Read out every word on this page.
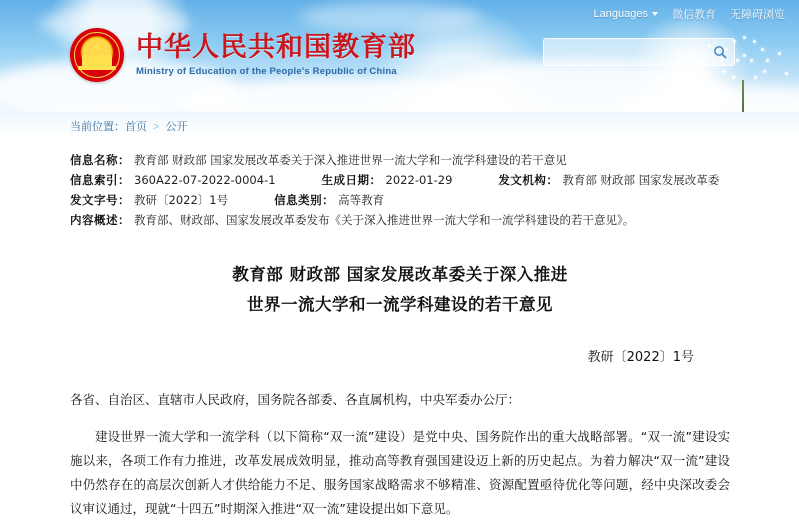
Languages	微信教育 无障碍浏览
★ 中华人民共和国教育部
Ministry of Education of the People's Republic of China
当前位置：首页 > 公开
信息名称： 教育部 财政部 国家发展改革委关于深入推进世界一流大学和一流学科建设的若干意见
信息索引： 360A22-07-2022-0004-1	生成日期： 2022-01-29	发文机构： 教育部 财政部 国家发展改革委
发文字号： 教研〔2022〕1号	信息类别： 高等教育
内容概述： 教育部、财政部、国家发展改革委发布《关于深入推进世界一流大学和一流学科建设的若干意见》。
教育部 财政部 国家发展改革委关于深入推进
世界一流大学和一流学科建设的若干意见
教研〔2022〕1号
各省、自治区、直辖市人民政府，国务院各部委、各直属机构，中央军委办公厅：
建设世界一流大学和一流学科（以下简称“双一流”建设）是党中央、国务院作出的重大战略部署。“双一流”建设实施以来，各项工作有力推进，改革发展成效明显，推动高等教育强国建设迈上新的历史起点。为着力解决“双一流”建设中仍然存在的高层次创新人才供给能力不足、服务国家战略需求不够精准、资源配置亟待优化等问题，经中央深改委会议审议通过，现就“十四五”时期深入推进“双一流”建设提出如下意见。
